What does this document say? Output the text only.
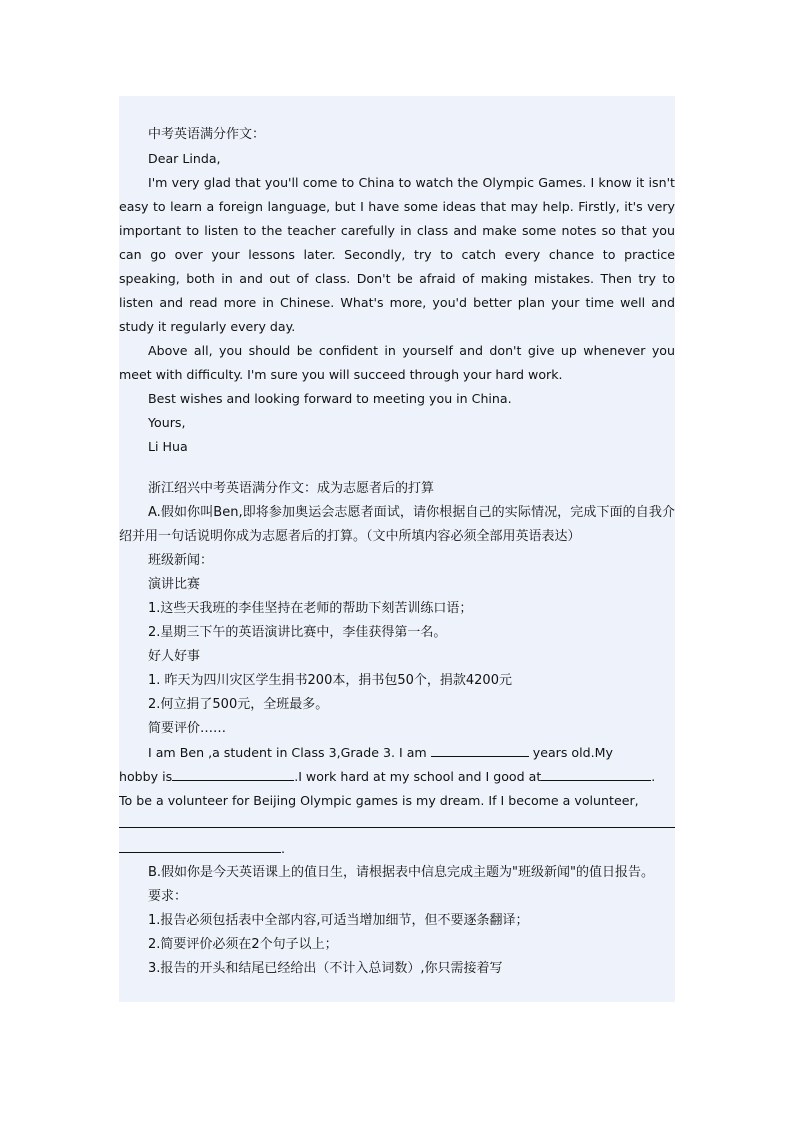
中考英语满分作文：

Dear Linda,

I'm very glad that you'll come to China to watch the Olympic Games. I know it isn't easy to learn a foreign language, but I have some ideas that may help. Firstly, it's very important to listen to the teacher carefully in class and make some notes so that you can go over your lessons later. Secondly, try to catch every chance to practice speaking, both in and out of class. Don't be afraid of making mistakes. Then try to listen and read more in Chinese. What's more, you'd better plan your time well and study it regularly every day.

Above all, you should be confident in yourself and don't give up whenever you meet with difficulty. I'm sure you will succeed through your hard work.

Best wishes and looking forward to meeting you in China.

Yours,

Li Hua

浙江绍兴中考英语满分作文：成为志愿者后的打算

A.假如你叫Ben,即将参加奥运会志愿者面试，请你根据自己的实际情况，完成下面的自我介绍并用一句话说明你成为志愿者后的打算。（文中所填内容必须全部用英语表达）

班级新闻：

演讲比赛

1.这些天我班的李佳坚持在老师的帮助下刻苦训练口语；

2.星期三下午的英语演讲比赛中，李佳获得第一名。

好人好事

1. 昨天为四川灾区学生捐书200本，捐书包50个，捐款4200元

2.何立捐了500元，全班最多。

简要评价……

I am Ben ,a student in Class 3,Grade 3. I am	years old.My

hobby is	.I work hard at my school and I good at	.

To be a volunteer for Beijing Olympic games is my dream. If I become a volunteer,

.

B.假如你是今天英语课上的值日生，请根据表中信息完成主题为"班级新闻"的值日报告。

要求：

1.报告必须包括表中全部内容,可适当增加细节，但不要逐条翻译；

2.简要评价必须在2个句子以上；

3.报告的开头和结尾已经给出（不计入总词数）,你只需接着写
